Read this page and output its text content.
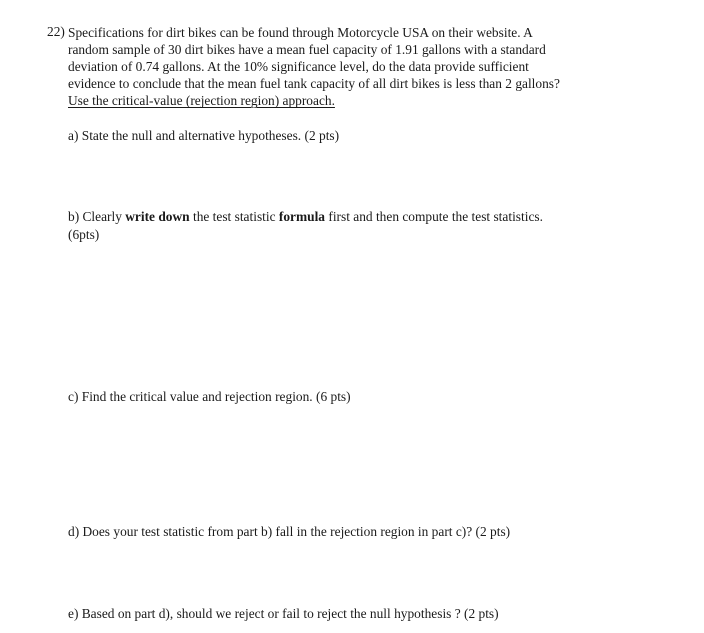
22) Specifications for dirt bikes can be found through Motorcycle USA on their website. A
random sample of 30 dirt bikes have a mean fuel capacity of 1.91 gallons with a standard
deviation of 0.74 gallons. At the 10% significance level, do the data provide sufficient
evidence to conclude that the mean fuel tank capacity of all dirt bikes is less than 2 gallons?
Use the critical-value (rejection region) approach.
a) State the null and alternative hypotheses. (2 pts)
b) Clearly write down the test statistic formula first and then compute the test statistics.
(6pts)
c) Find the critical value and rejection region. (6 pts)
d) Does your test statistic from part b) fall in the rejection region in part c)? (2 pts)
e) Based on part d), should we reject or fail to reject the null hypothesis ? (2 pts)
